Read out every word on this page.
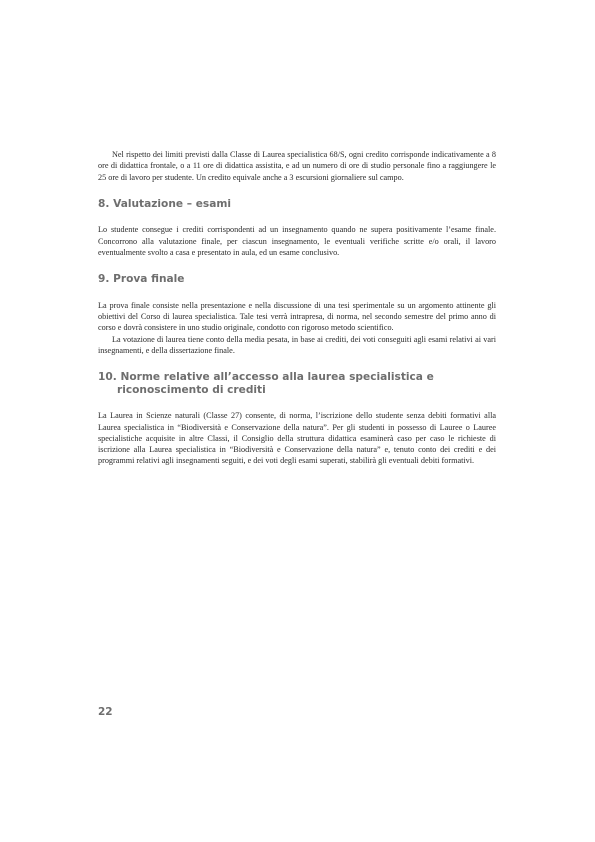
Nel rispetto dei limiti previsti dalla Classe di Laurea specialistica 68/S, ogni credito corrisponde indicativamente a 8 ore di didattica frontale, o a 11 ore di didattica assistita, e ad un numero di ore di studio personale fino a raggiungere le 25 ore di lavoro per studente. Un credito equivale anche a 3 escursioni giornaliere sul campo.

8. Valutazione – esami

Lo studente consegue i crediti corrispondenti ad un insegnamento quando ne supera positivamente l’esame finale. Concorrono alla valutazione finale, per ciascun insegnamento, le eventuali verifiche scritte e/o orali, il lavoro eventualmente svolto a casa e presentato in aula, ed un esame conclusivo.

9. Prova finale

La prova finale consiste nella presentazione e nella discussione di una tesi sperimentale su un argomento attinente gli obiettivi del Corso di laurea specialistica. Tale tesi verrà intrapresa, di norma, nel secondo semestre del primo anno di corso e dovrà consistere in uno studio originale, condotto con rigoroso metodo scientifico.

La votazione di laurea tiene conto della media pesata, in base ai crediti, dei voti conseguiti agli esami relativi ai vari insegnamenti, e della dissertazione finale.

10. Norme relative all’accesso alla laurea specialistica e riconoscimento di crediti

La Laurea in Scienze naturali (Classe 27) consente, di norma, l’iscrizione dello studente senza debiti formativi alla Laurea specialistica in “Biodiversità e Conservazione della natura”. Per gli studenti in possesso di Lauree o Lauree specialistiche acquisite in altre Classi, il Consiglio della struttura didattica esaminerà caso per caso le richieste di iscrizione alla Laurea specialistica in “Biodiversità e Conservazione della natura” e, tenuto conto dei crediti e dei programmi relativi agli insegnamenti seguiti, e dei voti degli esami superati, stabilirà gli eventuali debiti formativi.

22
